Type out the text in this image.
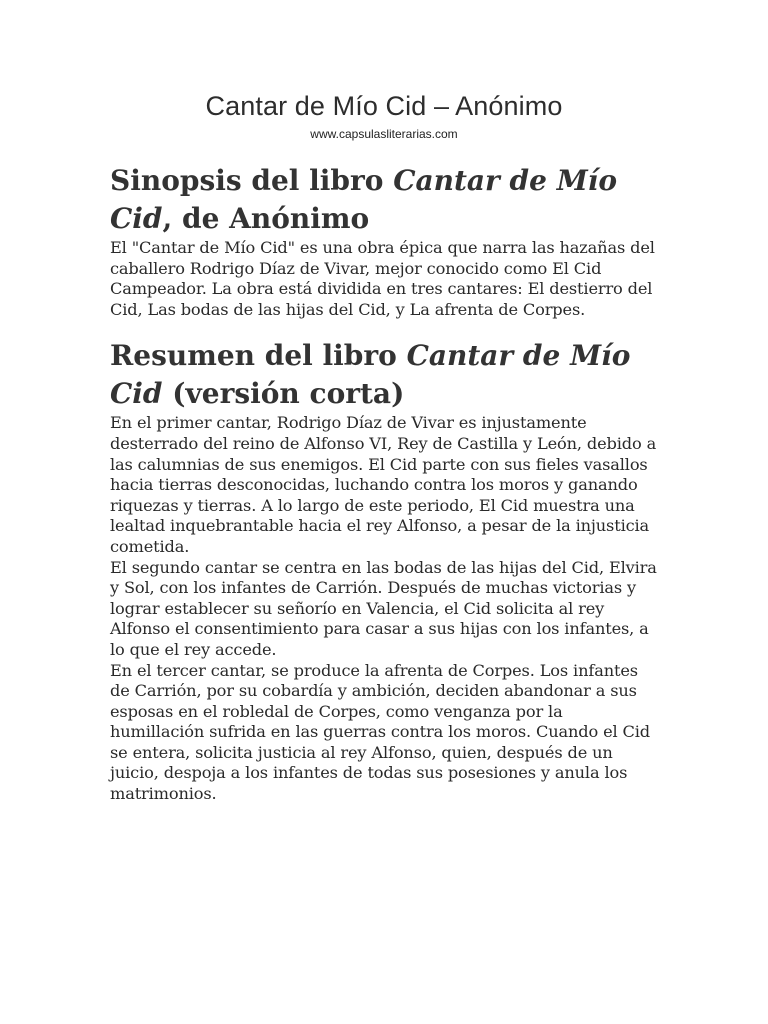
Cantar de Mío Cid – Anónimo
www.capsulasliterarias.com
Sinopsis del libro Cantar de Mío Cid, de Anónimo

El "Cantar de Mío Cid" es una obra épica que narra las hazañas del caballero Rodrigo Díaz de Vivar, mejor conocido como El Cid Campeador. La obra está dividida en tres cantares: El destierro del Cid, Las bodas de las hijas del Cid, y La afrenta de Corpes.

Resumen del libro Cantar de Mío
Cid (versión corta)

En el primer cantar, Rodrigo Díaz de Vivar es injustamente desterrado del reino de Alfonso VI, Rey de Castilla y León, debido a las calumnias de sus enemigos. El Cid parte con sus fieles vasallos hacia tierras desconocidas, luchando contra los moros y ganando riquezas y tierras. A lo largo de este periodo, El Cid muestra una lealtad inquebrantable hacia el rey Alfonso, a pesar de la injusticia cometida.

El segundo cantar se centra en las bodas de las hijas del Cid, Elvira y Sol, con los infantes de Carrión. Después de muchas victorias y lograr establecer su señorío en Valencia, el Cid solicita al rey Alfonso el consentimiento para casar a sus hijas con los infantes, a lo que el rey accede.

En el tercer cantar, se produce la afrenta de Corpes. Los infantes de Carrión, por su cobardía y ambición, deciden abandonar a sus esposas en el robledal de Corpes, como venganza por la humillación sufrida en las guerras contra los moros. Cuando el Cid se entera, solicita justicia al rey Alfonso, quien, después de un juicio, despoja a los infantes de todas sus posesiones y anula los matrimonios.
